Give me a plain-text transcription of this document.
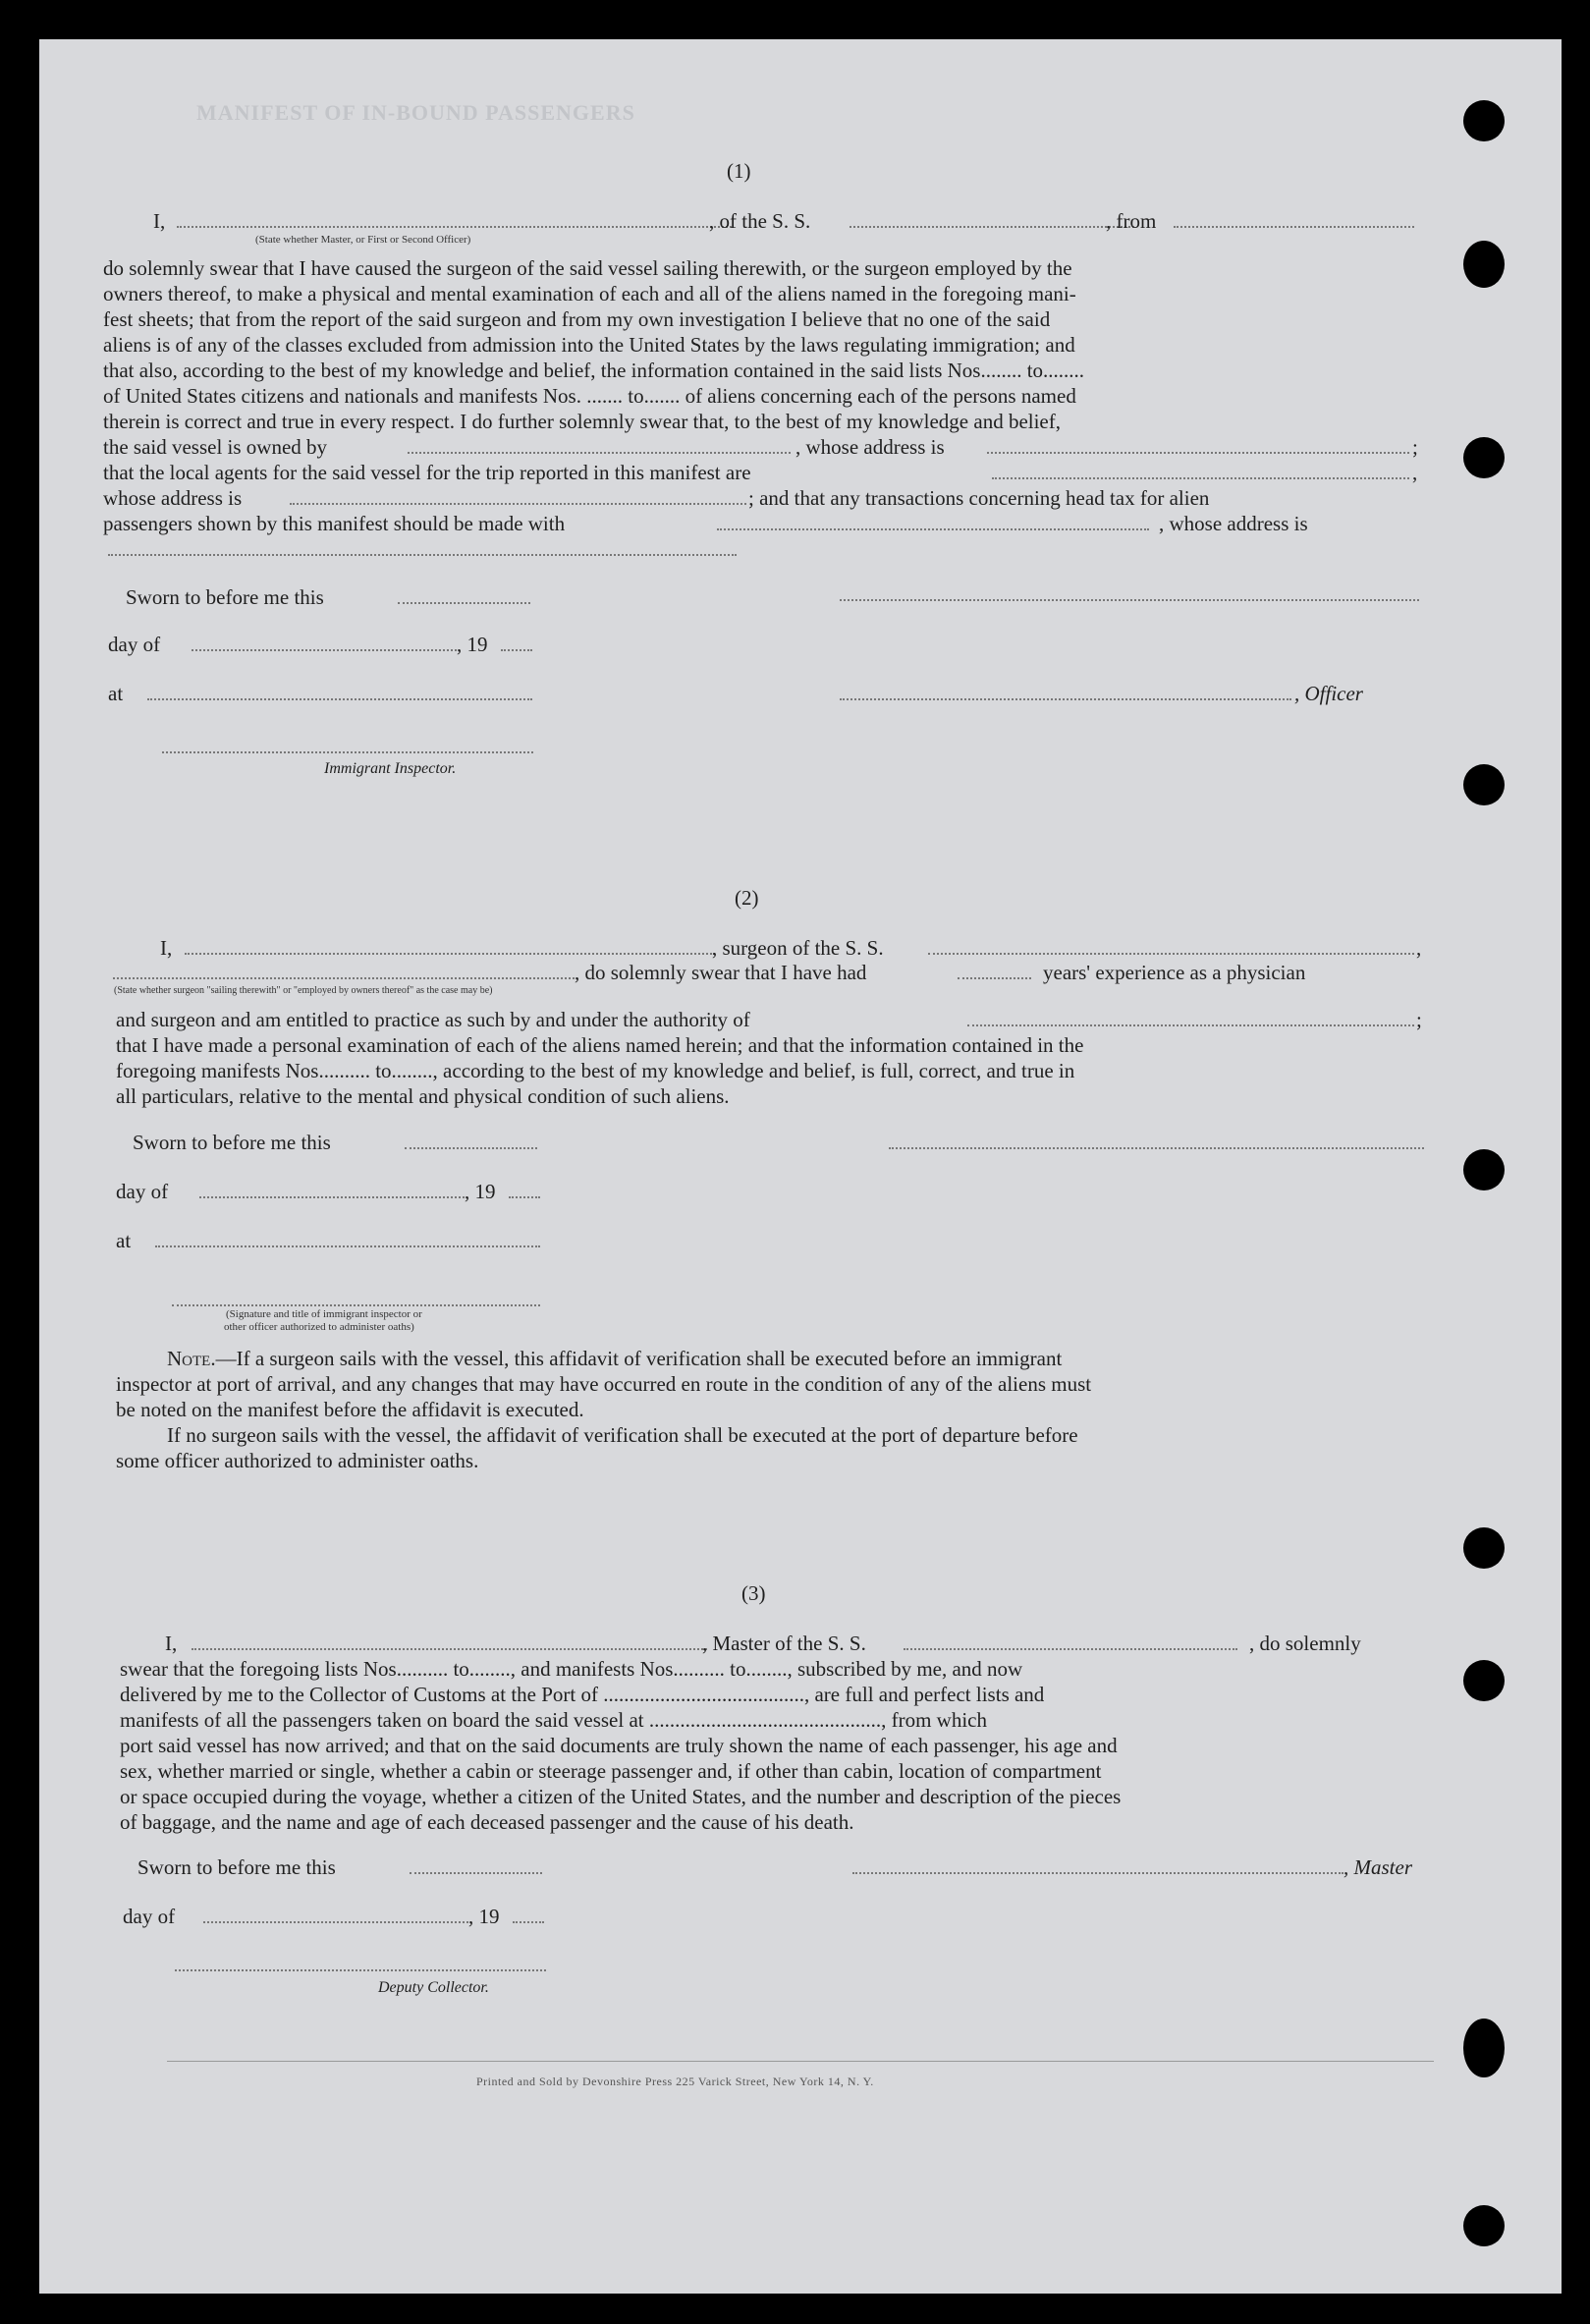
MANIFEST OF IN-BOUND PASSENGERS
(1)
I,	, of the S. S.	, from
(State whether Master, or First or Second Officer)

do solemnly swear that I have caused the surgeon of the said vessel sailing therewith, or the surgeon employed by the

owners thereof, to make a physical and mental examination of each and all of the aliens named in the foregoing mani-

fest sheets; that from the report of the said surgeon and from my own investigation I believe that no one of the said

aliens is of any of the classes excluded from admission into the United States by the laws regulating immigration; and

that also, according to the best of my knowledge and belief, the information contained in the said lists Nos........ to........

of United States citizens and nationals and manifests Nos. ....... to....... of aliens concerning each of the persons named

therein is correct and true in every respect. I do further solemnly swear that, to the best of my knowledge and belief,

the said vessel is owned by	, whose address is	;
that the local agents for the said vessel for the trip reported in this manifest are	,
whose address is	; and that any transactions concerning head tax for alien
passengers shown by this manifest should be made with	, whose address is
Sworn to before me this
day of	, 19
at	, Officer
Immigrant Inspector.
(2)
I,	, surgeon of the S. S.	,
, do solemnly swear that I have had	years' experience as a physician
(State whether surgeon "sailing therewith" or "employed by owners thereof" as the case may be)
and surgeon and am entitled to practice as such by and under the authority of	;

that I have made a personal examination of each of the aliens named herein; and that the information contained in the

foregoing manifests Nos.......... to........, according to the best of my knowledge and belief, is full, correct, and true in

all particulars, relative to the mental and physical condition of such aliens.

Sworn to before me this
day of	, 19
at
(Signature and title of immigrant inspector or
other officer authorized to administer oaths)

Note.—If a surgeon sails with the vessel, this affidavit of verification shall be executed before an immigrant

inspector at port of arrival, and any changes that may have occurred en route in the condition of any of the aliens must

be noted on the manifest before the affidavit is executed.

If no surgeon sails with the vessel, the affidavit of verification shall be executed at the port of departure before

some officer authorized to administer oaths.

(3)
I,	, Master of the S. S.	, do solemnly

swear that the foregoing lists Nos.......... to........, and manifests Nos.......... to........, subscribed by me, and now

delivered by me to the Collector of Customs at the Port of ......................................., are full and perfect lists and

manifests of all the passengers taken on board the said vessel at ............................................., from which

port said vessel has now arrived; and that on the said documents are truly shown the name of each passenger, his age and

sex, whether married or single, whether a cabin or steerage passenger and, if other than cabin, location of compartment

or space occupied during the voyage, whether a citizen of the United States, and the number and description of the pieces

of baggage, and the name and age of each deceased passenger and the cause of his death.

Sworn to before me this	, Master
day of	, 19
Deputy Collector.
Printed and Sold by Devonshire Press 225 Varick Street, New York 14, N. Y.
